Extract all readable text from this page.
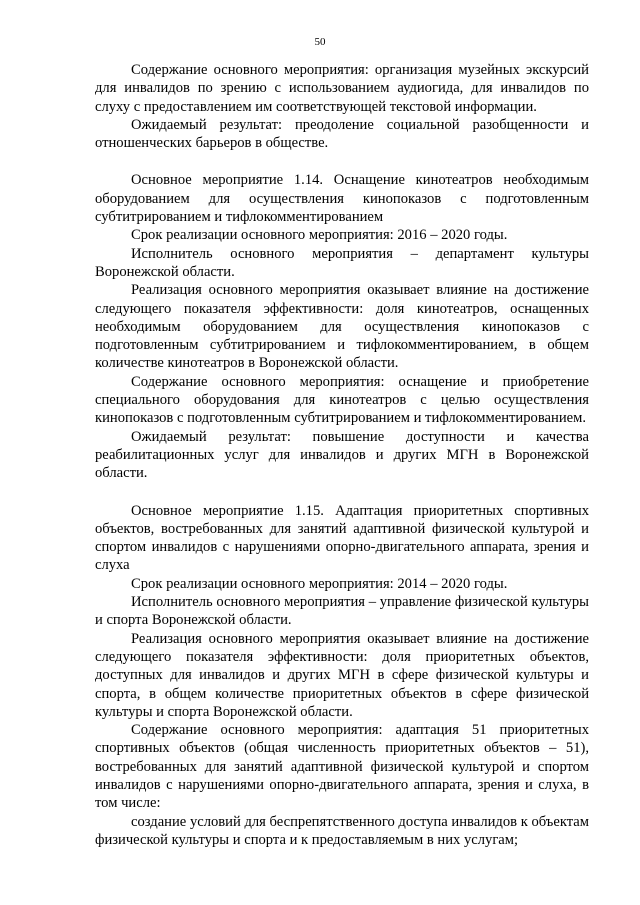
50

Содержание основного мероприятия: организация музейных экскурсий для инвалидов по зрению с использованием аудиогида, для инвалидов по слуху с предоставлением им соответствующей текстовой информации.

Ожидаемый результат: преодоление социальной разобщенности и отношенческих барьеров в обществе.

Основное мероприятие 1.14. Оснащение кинотеатров необходимым оборудованием для осуществления кинопоказов с подготовленным субтитрированием и тифлокомментированием

Срок реализации основного мероприятия: 2016 – 2020 годы.

Исполнитель основного мероприятия – департамент культуры Воронежской области.

Реализация основного мероприятия оказывает влияние на достижение следующего показателя эффективности: доля кинотеатров, оснащенных необходимым оборудованием для осуществления кинопоказов с подготовленным субтитрированием и тифлокомментированием, в общем количестве кинотеатров в Воронежской области.

Содержание основного мероприятия: оснащение и приобретение специального оборудования для кинотеатров с целью осуществления кинопоказов с подготовленным субтитрированием и тифлокомментированием.

Ожидаемый результат: повышение доступности и качества реабилитационных услуг для инвалидов и других МГН в Воронежской области.

Основное мероприятие 1.15. Адаптация приоритетных спортивных объектов, востребованных для занятий адаптивной физической культурой и спортом инвалидов с нарушениями опорно-двигательного аппарата, зрения и слуха

Срок реализации основного мероприятия: 2014 – 2020 годы.

Исполнитель основного мероприятия – управление физической культуры и спорта Воронежской области.

Реализация основного мероприятия оказывает влияние на достижение следующего показателя эффективности: доля приоритетных объектов, доступных для инвалидов и других МГН в сфере физической культуры и спорта, в общем количестве приоритетных объектов в сфере физической культуры и спорта Воронежской области.

Содержание основного мероприятия: адаптация 51 приоритетных спортивных объектов (общая численность приоритетных объектов – 51), востребованных для занятий адаптивной физической культурой и спортом инвалидов с нарушениями опорно-двигательного аппарата, зрения и слуха, в том числе:

создание условий для беспрепятственного доступа инвалидов к объектам физической культуры и спорта и к предоставляемым в них услугам;
